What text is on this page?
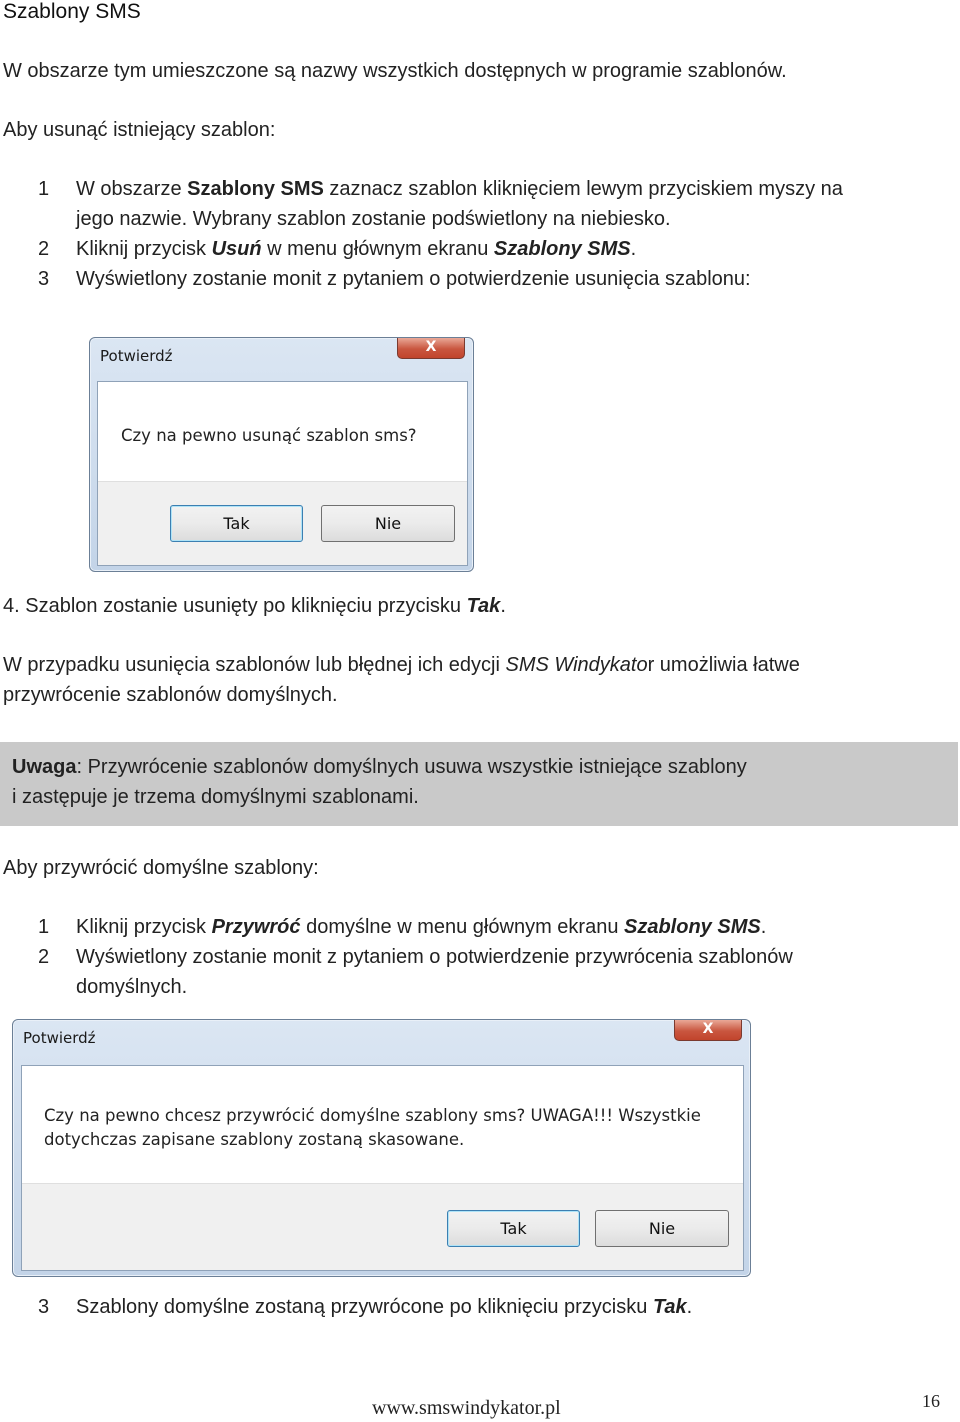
Szablony SMS
W obszarze tym umieszczone są nazwy wszystkich dostępnych w programie szablonów.
Aby usunąć istniejący szablon:
1 W obszarze Szablony SMS zaznacz szablon kliknięciem lewym przyciskiem myszy na
jego nazwie. Wybrany szablon zostanie podświetlony na niebiesko.
2 Kliknij przycisk Usuń w menu głównym ekranu Szablony SMS.
3 Wyświetlony zostanie monit z pytaniem o potwierdzenie usunięcia szablonu:
Potwierdź	X
Czy na pewno usunąć szablon sms?
Tak	Nie
4. Szablon zostanie usunięty po kliknięciu przycisku Tak.
W przypadku usunięcia szablonów lub błędnej ich edycji SMS Windykator umożliwia łatwe
przywrócenie szablonów domyślnych.
Uwaga: Przywrócenie szablonów domyślnych usuwa wszystkie istniejące szablony
i zastępuje je trzema domyślnymi szablonami.
Aby przywrócić domyślne szablony:
1 Kliknij przycisk Przywróć domyślne w menu głównym ekranu Szablony SMS.
2 Wyświetlony zostanie monit z pytaniem o potwierdzenie przywrócenia szablonów
domyślnych.
Potwierdź	X
Czy na pewno chcesz przywrócić domyślne szablony sms? UWAGA!!! Wszystkie
dotychczas zapisane szablony zostaną skasowane.
Tak	Nie
3 Szablony domyślne zostaną przywrócone po kliknięciu przycisku Tak.
www.smswindykator.pl	16
